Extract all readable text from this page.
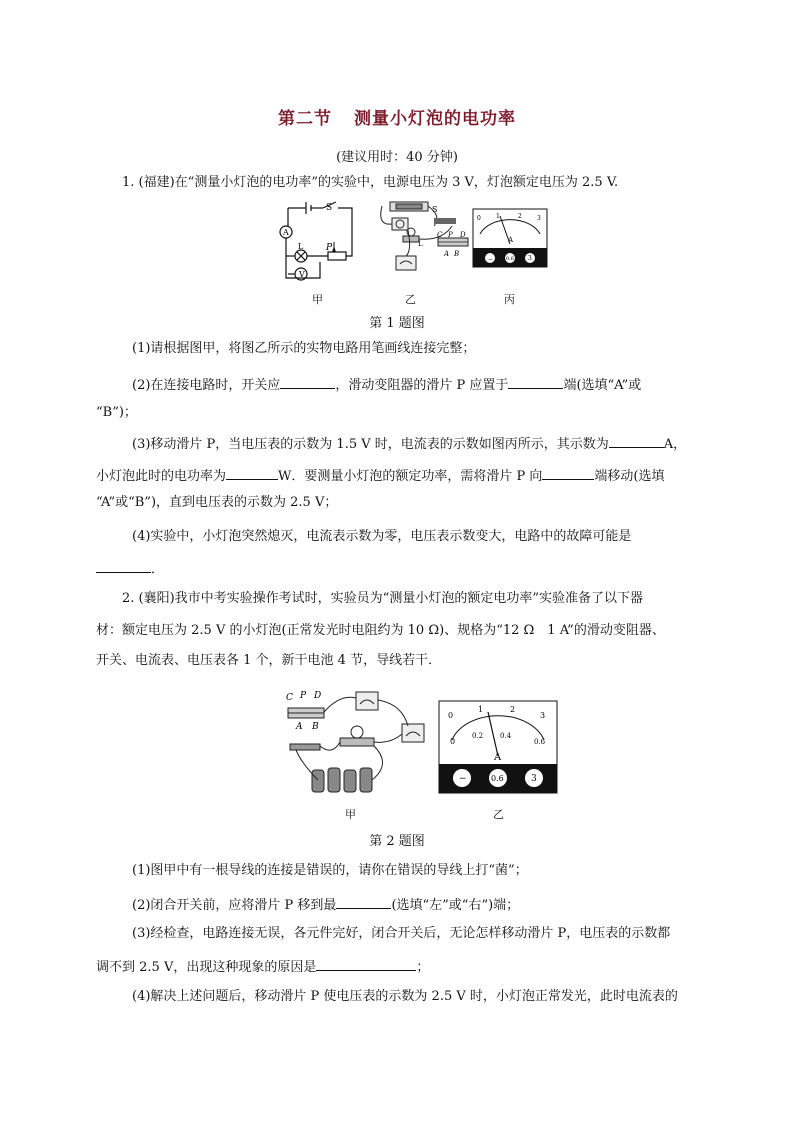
第二节 测量小灯泡的电功率
(建议用时：40 分钟)
1. (福建)在“测量小灯泡的电功率”的实验中，电源电压为 3 V，灯泡额定电压为 2.5 V.
S
A
L
V
P
S
L
C P D
A B
0	1	2	3
A
−	0.6 3
甲	乙	丙
第 1 题图
(1)请根据图甲，将图乙所示的实物电路用笔画线连接完整；
(2)在连接电路时，开关应	，滑动变阻器的滑片 P 应置于	端(选填“A”或
“B”)；
(3)移动滑片 P，当电压表的示数为 1.5 V 时，电流表的示数如图丙所示，其示数为	A，
小灯泡此时的电功率为	W．要测量小灯泡的额定功率，需将滑片 P 向	端移动(选填
“A”或“B”)，直到电压表的示数为 2.5 V；
(4)实验中，小灯泡突然熄灭，电流表示数为零，电压表示数变大，电路中的故障可能是
．
2. (襄阳)我市中考实验操作考试时，实验员为“测量小灯泡的额定电功率”实验准备了以下器
材：额定电压为 2.5 V 的小灯泡(正常发光时电阻约为 10 Ω)、规格为“12 Ω　1 A”的滑动变阻器、
开关、电流表、电压表各 1 个，新干电池 4 节，导线若干．
C P D
A B
0
1	2
3
0
0.2 0.4
0.6
A
−	0.6	3
甲	乙
第 2 题图
(1)图甲中有一根导线的连接是错误的，请你在错误的导线上打“菌”；
(2)闭合开关前，应将滑片 P 移到最	(选填“左”或“右”)端；
(3)经检查，电路连接无误，各元件完好，闭合开关后，无论怎样移动滑片 P，电压表的示数都
调不到 2.5 V，出现这种现象的原因是	；
(4)解决上述问题后，移动滑片 P 使电压表的示数为 2.5 V 时，小灯泡正常发光，此时电流表的
